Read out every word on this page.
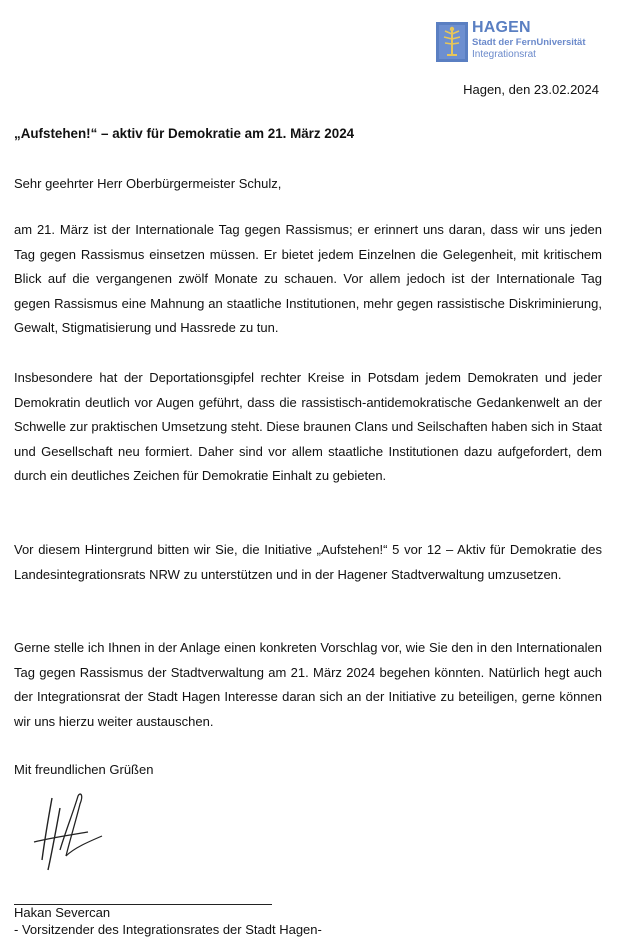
HAGEN
Stadt der FernUniversität
Integrationsrat
Hagen, den 23.02.2024
„Aufstehen!“ – aktiv für Demokratie am 21. März 2024
Sehr geehrter Herr Oberbürgermeister Schulz,
am 21. März ist der Internationale Tag gegen Rassismus; er erinnert uns daran, dass wir uns jeden Tag gegen Rassismus einsetzen müssen. Er bietet jedem Einzelnen die Gelegenheit, mit kritischem Blick auf die vergangenen zwölf Monate zu schauen. Vor allem jedoch ist der Internationale Tag gegen Rassismus eine Mahnung an staatliche Institutionen, mehr gegen rassistische Diskriminierung, Gewalt, Stigmatisierung und Hassrede zu tun.
Insbesondere hat der Deportationsgipfel rechter Kreise in Potsdam jedem Demokraten und jeder Demokratin deutlich vor Augen geführt, dass die rassistisch-antidemokratische Gedankenwelt an der Schwelle zur praktischen Umsetzung steht. Diese braunen Clans und Seilschaften haben sich in Staat und Gesellschaft neu formiert. Daher sind vor allem staatliche Institutionen dazu aufgefordert, dem durch ein deutliches Zeichen für Demokratie Einhalt zu gebieten.
Vor diesem Hintergrund bitten wir Sie, die Initiative „Aufstehen!“ 5 vor 12 – Aktiv für Demokratie des Landesintegrationsrats NRW zu unterstützen und in der Hagener Stadtverwaltung umzusetzen.
Gerne stelle ich Ihnen in der Anlage einen konkreten Vorschlag vor, wie Sie den in den Internationalen Tag gegen Rassismus der Stadtverwaltung am 21. März 2024 begehen könnten. Natürlich hegt auch der Integrationsrat der Stadt Hagen Interesse daran sich an der Initiative zu beteiligen, gerne können wir uns hierzu weiter austauschen.
Mit freundlichen Grüßen
Hakan Severcan
- Vorsitzender des Integrationsrates der Stadt Hagen-
